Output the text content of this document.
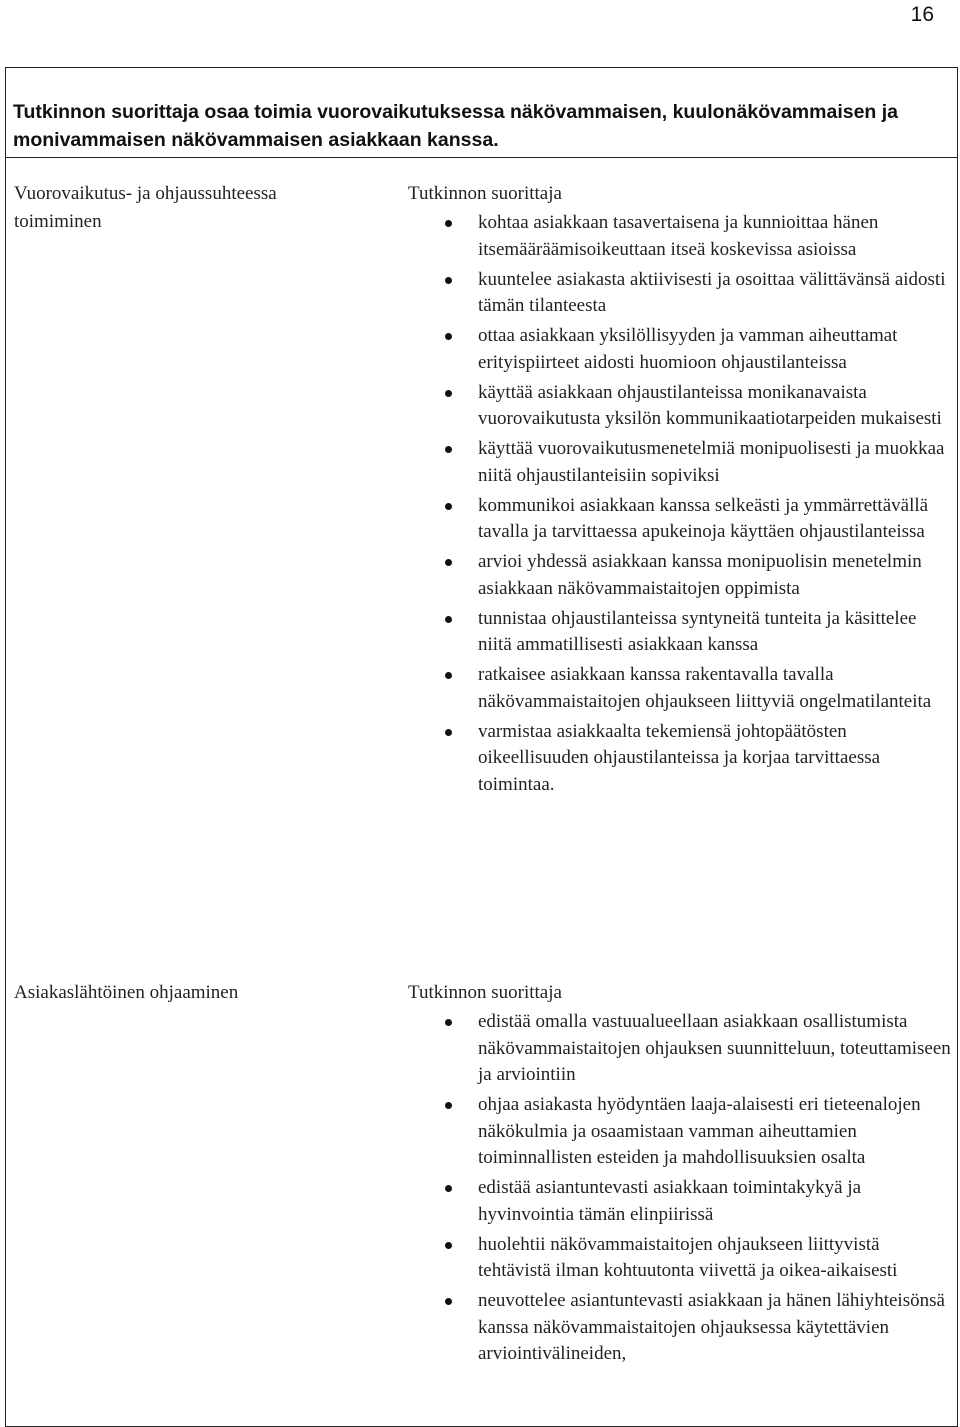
16
Tutkinnon suorittaja osaa toimia vuorovaikutuksessa näkövammaisen, kuulonäkövammaisen ja monivammaisen näkövammaisen asiakkaan kanssa.
Vuorovaikutus- ja ohjaussuhteessa toimiminen
Tutkinnon suorittaja
kohtaa asiakkaan tasavertaisena ja kunnioittaa hänen itsemääräämisoikeuttaan itseä koskevissa asioissa
kuuntelee asiakasta aktiivisesti ja osoittaa välittävänsä aidosti tämän tilanteesta
ottaa asiakkaan yksilöllisyyden ja vamman aiheuttamat erityispiirteet aidosti huomioon ohjaustilanteissa
käyttää asiakkaan ohjaustilanteissa monikanavaista vuorovaikutusta yksilön kommunikaatiotarpeiden mukaisesti
käyttää vuorovaikutusmenetelmiä monipuolisesti ja muokkaa niitä ohjaustilanteisiin sopiviksi
kommunikoi asiakkaan kanssa selkeästi ja ymmärrettävällä tavalla ja tarvittaessa apukeinoja käyttäen ohjaustilanteissa
arvioi yhdessä asiakkaan kanssa monipuolisin menetelmin asiakkaan näkövammaistaitojen oppimista
tunnistaa ohjaustilanteissa syntyneitä tunteita ja käsittelee niitä ammatillisesti asiakkaan kanssa
ratkaisee asiakkaan kanssa rakentavalla tavalla näkövammaistaitojen ohjaukseen liittyviä ongelmatilanteita
varmistaa asiakkaalta tekemiensä johtopäätösten oikeellisuuden ohjaustilanteissa ja korjaa tarvittaessa toimintaa.
Asiakaslähtöinen ohjaaminen	Tutkinnon suorittaja
edistää omalla vastuualueellaan asiakkaan osallistumista näkövammaistaitojen ohjauksen suunnitteluun, toteuttamiseen ja arviointiin
ohjaa asiakasta hyödyntäen laaja-alaisesti eri tieteenalojen näkökulmia ja osaamistaan vamman aiheuttamien toiminnallisten esteiden ja mahdollisuuksien osalta
edistää asiantuntevasti asiakkaan toimintakykyä ja hyvinvointia tämän elinpiirissä
huolehtii näkövammaistaitojen ohjaukseen liittyvistä tehtävistä ilman kohtuutonta viivettä ja oikea-aikaisesti
neuvottelee asiantuntevasti asiakkaan ja hänen lähiyhteisönsä kanssa näkövammaistaitojen ohjauksessa käytettävien arviointivälineiden,
